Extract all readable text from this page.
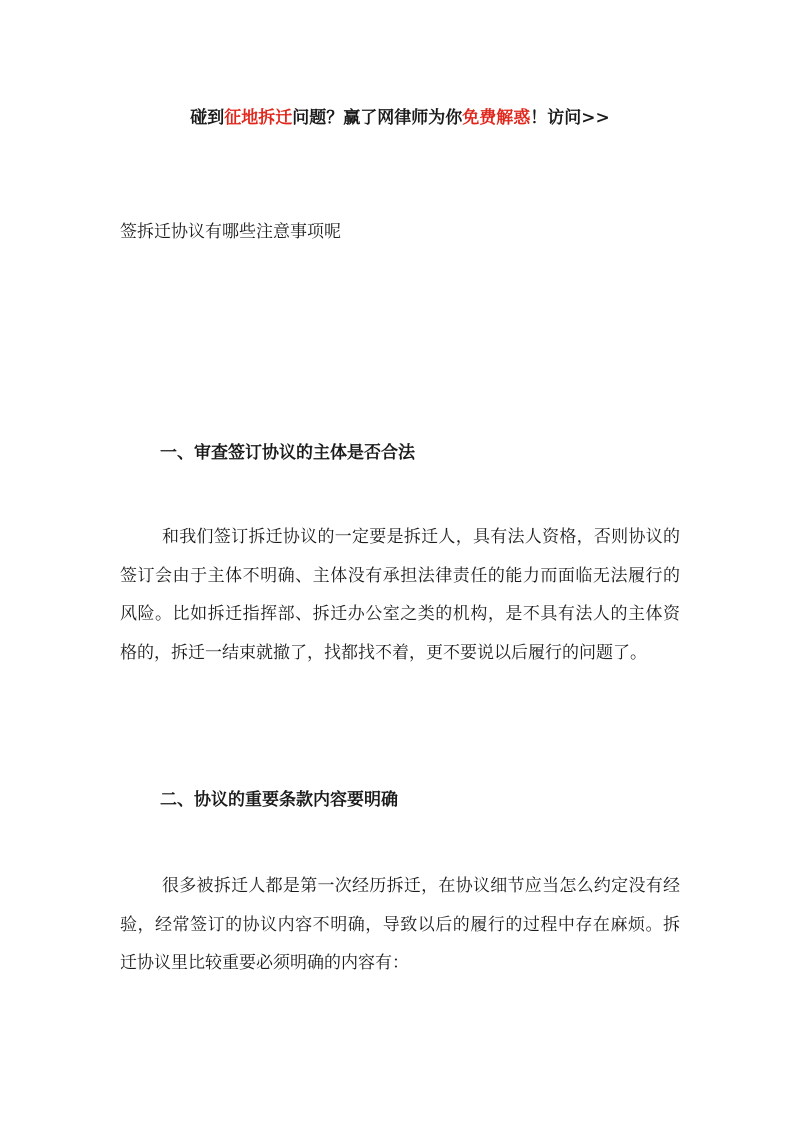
碰到征地拆迁问题？赢了网律师为你免费解惑！访问>>
签拆迁协议有哪些注意事项呢
一、审查签订协议的主体是否合法

和我们签订拆迁协议的一定要是拆迁人，具有法人资格，否则协议的签订会由于主体不明确、主体没有承担法律责任的能力而面临无法履行的风险。比如拆迁指挥部、拆迁办公室之类的机构，是不具有法人的主体资格的，拆迁一结束就撤了，找都找不着，更不要说以后履行的问题了。

二、协议的重要条款内容要明确

很多被拆迁人都是第一次经历拆迁，在协议细节应当怎么约定没有经验，经常签订的协议内容不明确，导致以后的履行的过程中存在麻烦。拆迁协议里比较重要必须明确的内容有：
